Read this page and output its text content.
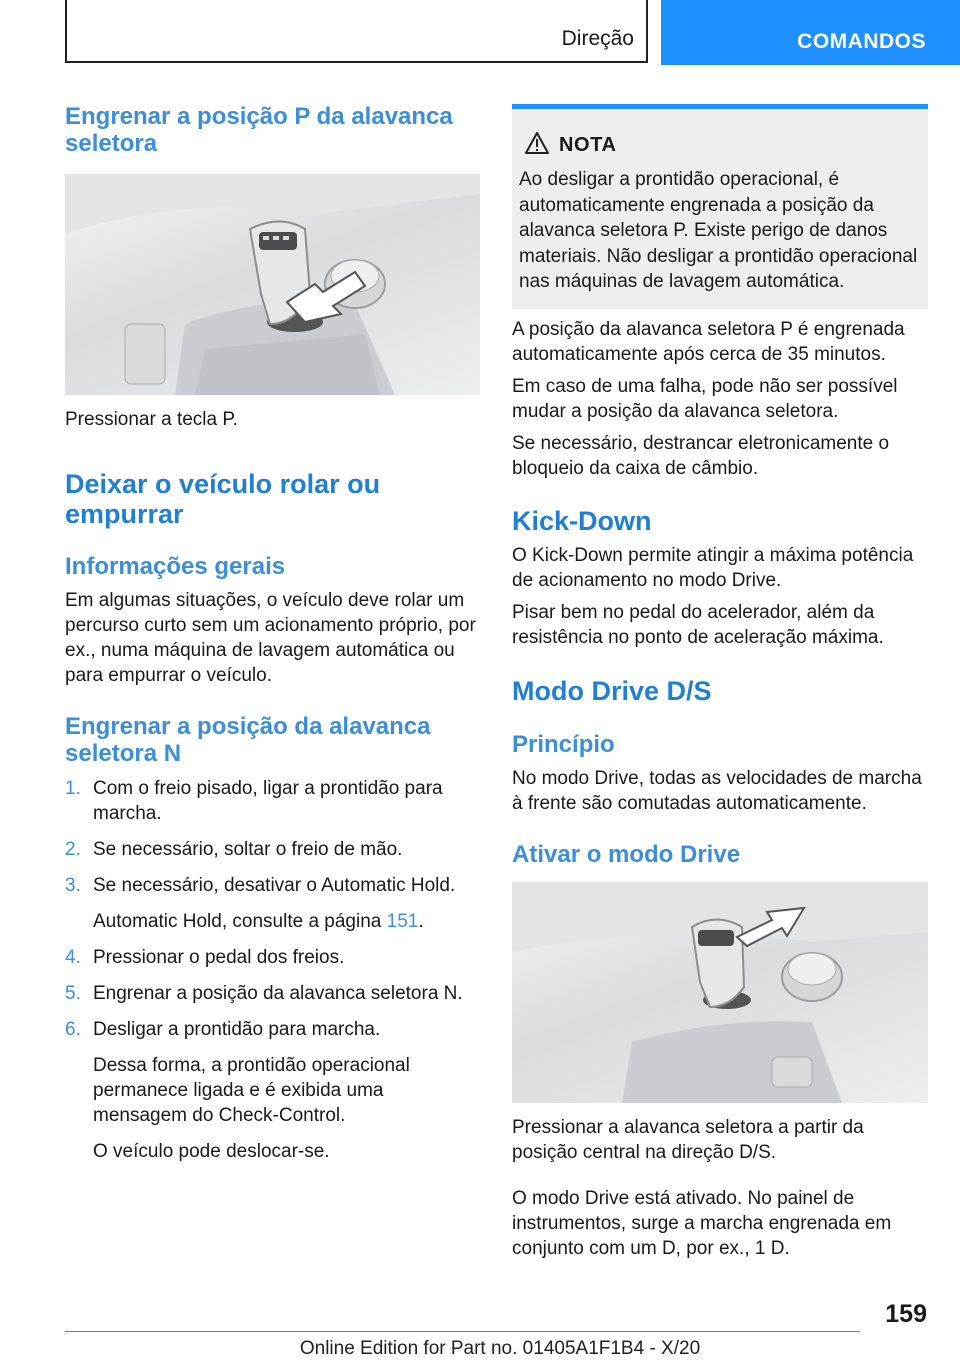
Direção	COMANDOS
Engrenar a posição P da alavanca seletora

Pressionar a tecla P.

Deixar o veículo rolar ou empurrar
Informações gerais

Em algumas situações, o veículo deve rolar um percurso curto sem um acionamento próprio, por ex., numa máquina de lavagem automática ou para empurrar o veículo.

Engrenar a posição da alavanca seletora N
1. Com o freio pisado, ligar a prontidão para marcha.
2. Se necessário, soltar o freio de mão.
3. Se necessário, desativar o Automatic Hold.
Automatic Hold, consulte a página 151.
4. Pressionar o pedal dos freios.
5. Engrenar a posição da alavanca seletora N.
6. Desligar a prontidão para marcha.
Dessa forma, a prontidão operacional permanece ligada e é exibida uma mensagem do Check-Control.
O veículo pode deslocar-se.
NOTA
Ao desligar a prontidão operacional, é automaticamente engrenada a posição da alavanca seletora P. Existe perigo de danos materiais. Não desligar a prontidão operacional nas máquinas de lavagem automática.

A posição da alavanca seletora P é engrenada automaticamente após cerca de 35 minutos.

Em caso de uma falha, pode não ser possível mudar a posição da alavanca seletora.

Se necessário, destrancar eletronicamente o bloqueio da caixa de câmbio.

Kick-Down

O Kick-Down permite atingir a máxima potência de acionamento no modo Drive.

Pisar bem no pedal do acelerador, além da resistência no ponto de aceleração máxima.

Modo Drive D/S
Princípio

No modo Drive, todas as velocidades de marcha à frente são comutadas automaticamente.

Ativar o modo Drive

Pressionar a alavanca seletora a partir da posição central na direção D/S.

O modo Drive está ativado. No painel de instrumentos, surge a marcha engrenada em conjunto com um D, por ex., 1 D.

159
Online Edition for Part no. 01405A1F1B4 - X/20
